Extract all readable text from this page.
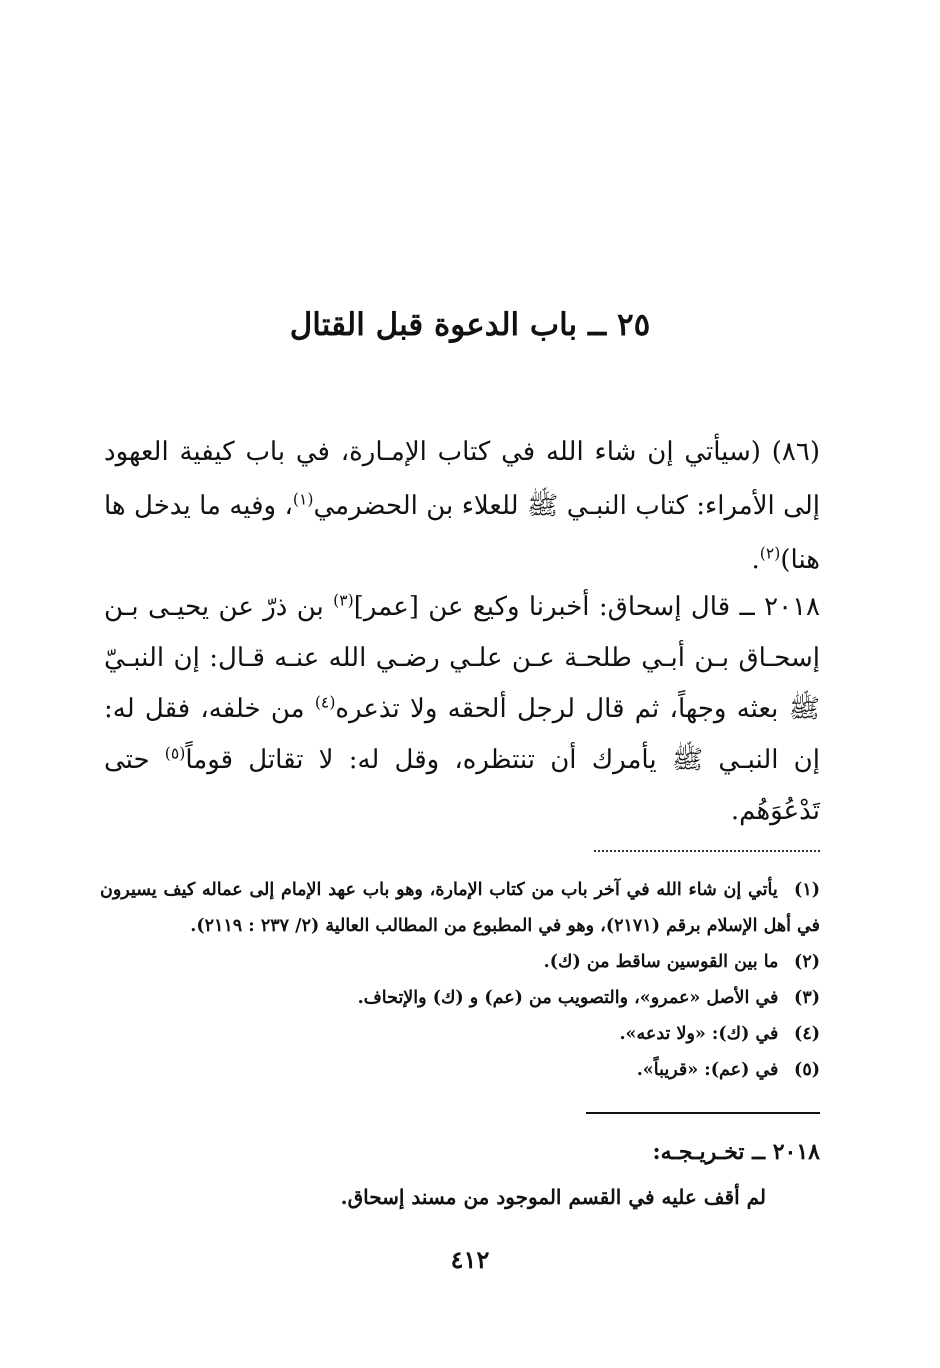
٢٥ ــ باب الدعوة قبل القتال

(٨٦) (سيأتي إن شاء الله في كتاب الإمـارة، في باب كيفية العهود إلى الأمراء: كتاب النبـي ﷺ للعلاء بن الحضرمي$^{(١)}$، وفيه ما يدخل ها هنا)$^{(٢)}$.

٢٠١٨ ــ قال إسحاق: أخبرنا وكيع عن [عمر]$^{(٣)}$ بن ذرّ عن يحيـى بـن إسحـاق بـن أبـي طلحـة عـن علـي رضـي الله عنـه قـال: إن النبـيّ ﷺ بعثه وجهاً، ثم قال لرجل ألحقه ولا تذعره$^{(٤)}$ من خلفه، فقل له: إن النبـي ﷺ يأمرك أن تنتظره، وقل له: لا تقاتل قوماً$^{(٥)}$ حتى تَدْعُوَهُم.

(١) يأتي إن شاء الله في آخر باب من كتاب الإمارة، وهو باب عهد الإمام إلى عماله كيف يسيرون في أهل الإسلام برقم (٢١٧١)، وهو في المطبوع من المطالب العالية (٢/ ٢٣٧ : ٢١١٩).
(٢) ما بين القوسين ساقط من (ك).
(٣) في الأصل «عمرو»، والتصويب من (عم) و (ك) والإتحاف.
(٤) في (ك): «ولا تدعه».
(٥) في (عم): «قريباً».

٢٠١٨ ــ تخـريـجـه:

لم أقف عليه في القسم الموجود من مسند إسحاق.

٤١٢
